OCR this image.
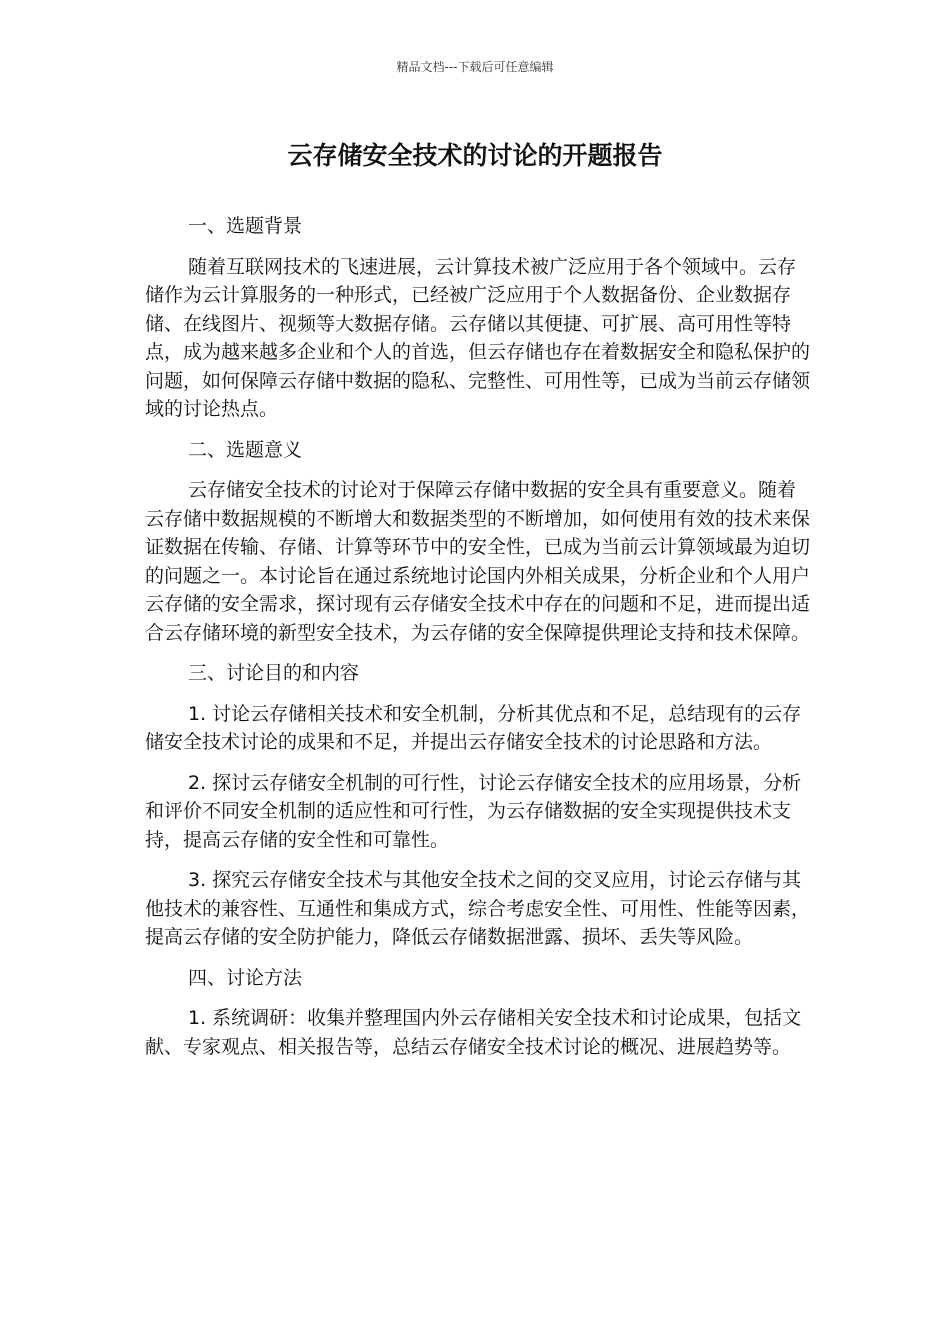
精品文档---下载后可任意编辑
云存储安全技术的讨论的开题报告

一、选题背景

随着互联网技术的飞速进展，云计算技术被广泛应用于各个领域中。云存储作为云计算服务的一种形式，已经被广泛应用于个人数据备份、企业数据存储、在线图片、视频等大数据存储。云存储以其便捷、可扩展、高可用性等特点，成为越来越多企业和个人的首选，但云存储也存在着数据安全和隐私保护的问题，如何保障云存储中数据的隐私、完整性、可用性等，已成为当前云存储领域的讨论热点。

二、选题意义

云存储安全技术的讨论对于保障云存储中数据的安全具有重要意义。随着云存储中数据规模的不断增大和数据类型的不断增加，如何使用有效的技术来保证数据在传输、存储、计算等环节中的安全性，已成为当前云计算领域最为迫切的问题之一。本讨论旨在通过系统地讨论国内外相关成果，分析企业和个人用户云存储的安全需求，探讨现有云存储安全技术中存在的问题和不足，进而提出适合云存储环境的新型安全技术，为云存储的安全保障提供理论支持和技术保障。

三、讨论目的和内容

1. 讨论云存储相关技术和安全机制，分析其优点和不足，总结现有的云存储安全技术讨论的成果和不足，并提出云存储安全技术的讨论思路和方法。

2. 探讨云存储安全机制的可行性，讨论云存储安全技术的应用场景，分析和评价不同安全机制的适应性和可行性，为云存储数据的安全实现提供技术支持，提高云存储的安全性和可靠性。

3. 探究云存储安全技术与其他安全技术之间的交叉应用，讨论云存储与其他技术的兼容性、互通性和集成方式，综合考虑安全性、可用性、性能等因素，提高云存储的安全防护能力，降低云存储数据泄露、损坏、丢失等风险。

四、讨论方法

1. 系统调研：收集并整理国内外云存储相关安全技术和讨论成果，包括文献、专家观点、相关报告等，总结云存储安全技术讨论的概况、进展趋势等。
